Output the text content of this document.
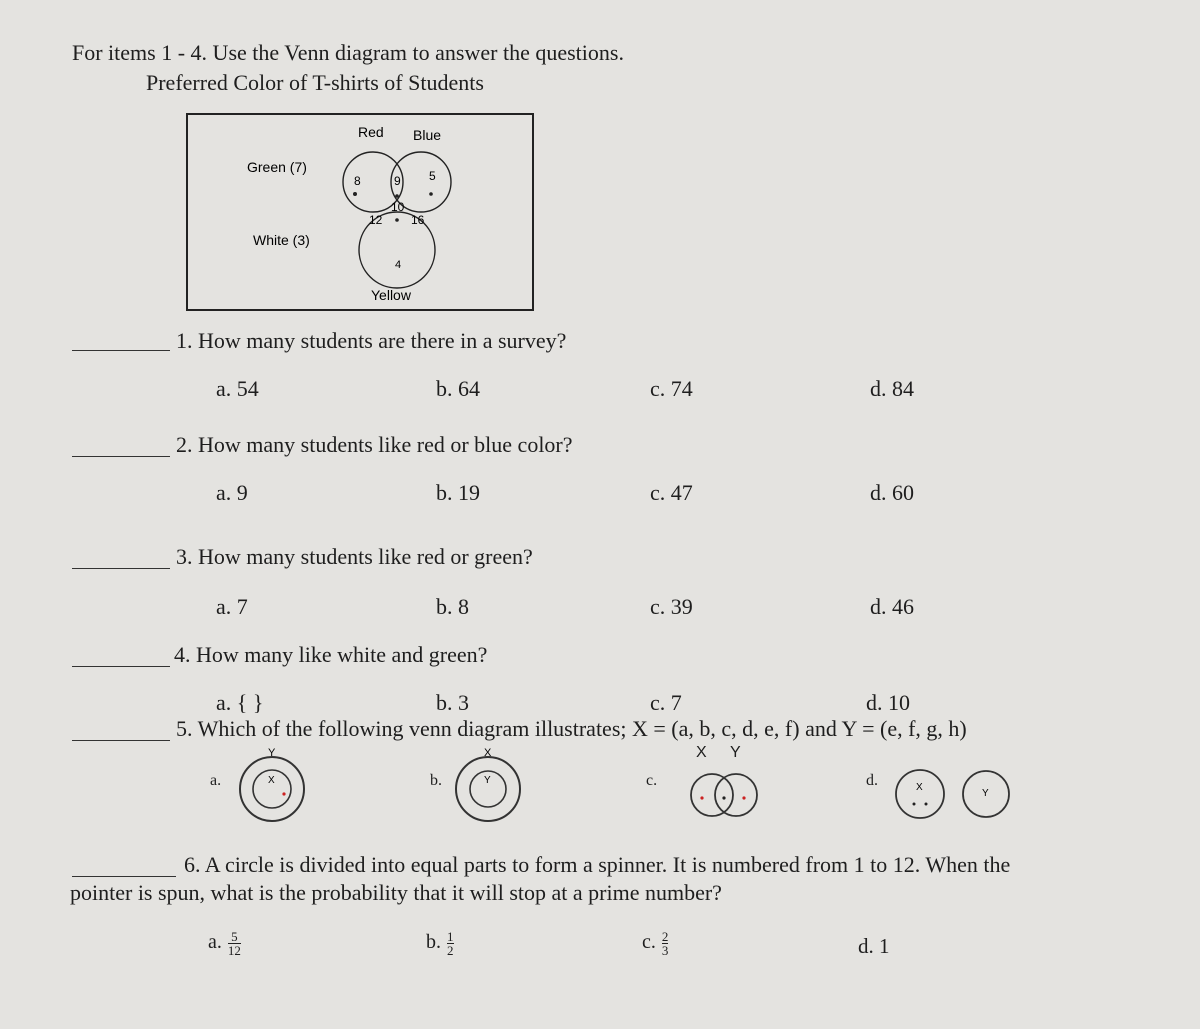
For items 1 - 4. Use the Venn diagram to answer the questions.
Preferred Color of T-shirts of Students
Red Blue
Green (7)
White (3)
Yellow
8	9 5
10
12 16
4
1. How many students are there in a survey?
a. 54	b. 64	c. 74	d. 84
2. How many students like red or blue color?
a. 9	b. 19	c. 47	d. 60
3. How many students like red or green?
a. 7	b. 8	c. 39	d. 46
4. How many like white and green?
a. { }	b. 3	c. 7	d. 10
5. Which of the following venn diagram illustrates; X = (a, b, c, d, e, f) and Y = (e, f, g, h)
a.	b.	c.	d.
Y
X
X
Y
X Y
X
Y
6. A circle is divided into equal parts to form a spinner. It is numbered from 1 to 12. When the
pointer is spun, what is the probability that it will stop at a prime number?
a. $\frac{5}{12}$	b. $\frac{1}{2}$	c. $\frac{2}{3}$	d. 1
